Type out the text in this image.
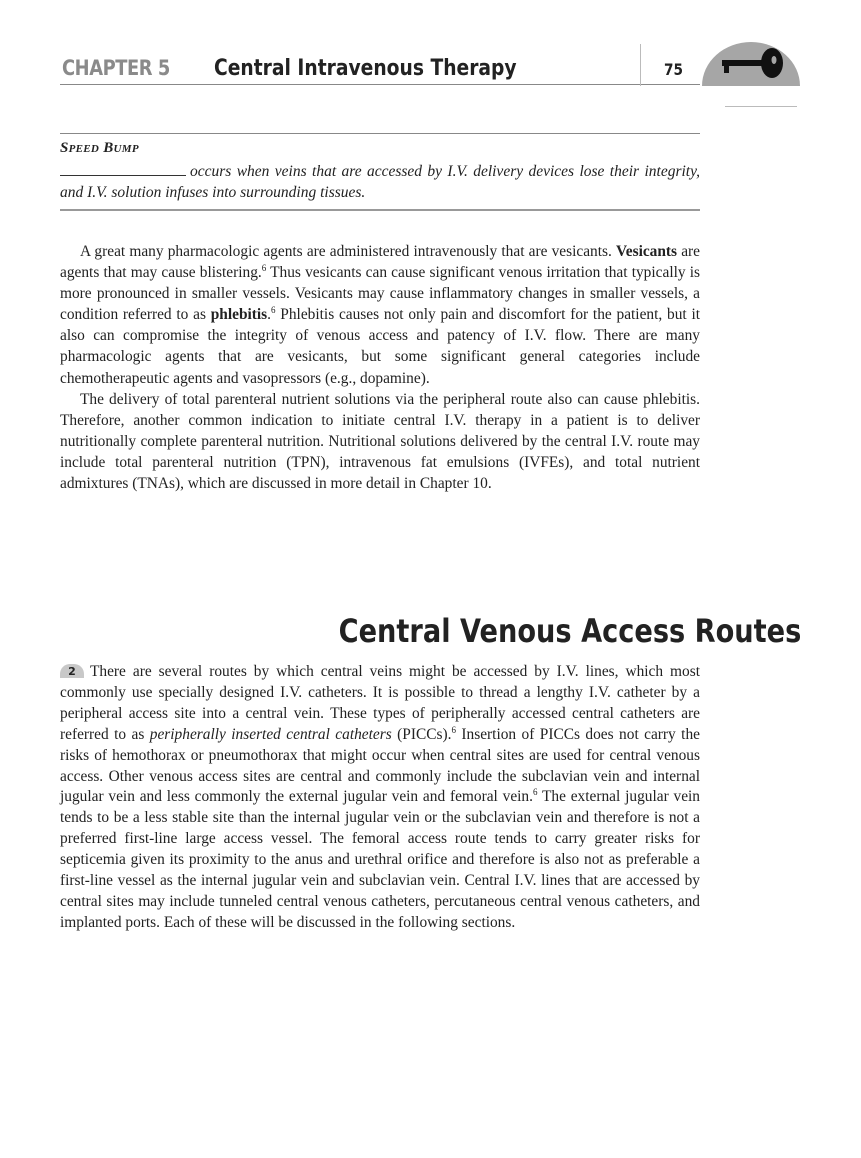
CHAPTER 5 Central Intravenous Therapy	75
Speed Bump
occurs when veins that are accessed by I.V. delivery devices lose their integrity, and I.V. solution infuses into surrounding tissues.

A great many pharmacologic agents are administered intravenously that are vesicants. Vesicants are agents that may cause blistering.$^6$ Thus vesicants can cause significant venous irritation that typically is more pronounced in smaller vessels. Vesicants may cause inflammatory changes in smaller vessels, a condition referred to as phlebitis.$^6$ Phlebitis causes not only pain and discomfort for the patient, but it also can compromise the integrity of venous access and patency of I.V. flow. There are many pharmacologic agents that are vesicants, but some significant general categories include chemotherapeutic agents and vasopressors (e.g., dopamine).

The delivery of total parenteral nutrient solutions via the peripheral route also can cause phlebitis. Therefore, another common indication to initiate central I.V. therapy in a patient is to deliver nutritionally complete parenteral nutrition. Nutritional solutions delivered by the central I.V. route may include total parenteral nutrition (TPN), intravenous fat emulsions (IVFEs), and total nutrient admixtures (TNAs), which are discussed in more detail in Chapter 10.

Central Venous Access Routes

2 There are several routes by which central veins might be accessed by I.V. lines, which most commonly use specially designed I.V. catheters. It is possible to thread a lengthy I.V. catheter by a peripheral access site into a central vein. These types of peripherally accessed central catheters are referred to as peripherally inserted central catheters (PICCs).$^6$ Insertion of PICCs does not carry the risks of hemothorax or pneumothorax that might occur when central sites are used for central venous access. Other venous access sites are central and commonly include the subclavian vein and internal jugular vein and less commonly the external jugular vein and femoral vein.$^6$ The external jugular vein tends to be a less stable site than the internal jugular vein or the subclavian vein and therefore is not a preferred first-line large access vessel. The femoral access route tends to carry greater risks for septicemia given its proximity to the anus and urethral orifice and therefore is also not as preferable a first-line vessel as the internal jugular vein and subclavian vein. Central I.V. lines that are accessed by central sites may include tunneled central venous catheters, percutaneous central venous catheters, and implanted ports. Each of these will be discussed in the following sections.
